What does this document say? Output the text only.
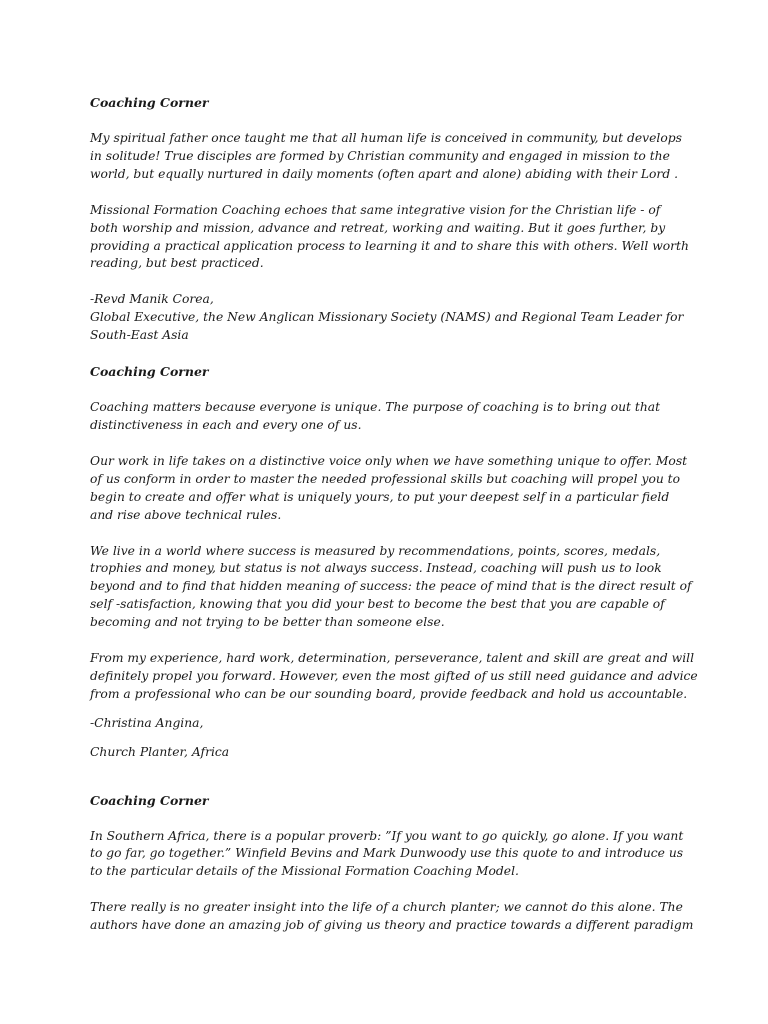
Coaching Corner
My spiritual father once taught me that all human life is conceived in community, but develops
in solitude! True disciples are formed by Christian community and engaged in mission to the
world, but equally nurtured in daily moments (often apart and alone) abiding with their Lord .
Missional Formation Coaching echoes that same integrative vision for the Christian life - of
both worship and mission, advance and retreat, working and waiting. But it goes further, by
providing a practical application process to learning it and to share this with others. Well worth
reading, but best practiced.
-Revd Manik Corea,
Global Executive, the New Anglican Missionary Society (NAMS) and Regional Team Leader for
South-East Asia
Coaching Corner
Coaching matters because everyone is unique. The purpose of coaching is to bring out that
distinctiveness in each and every one of us.
Our work in life takes on a distinctive voice only when we have something unique to offer. Most
of us conform in order to master the needed professional skills but coaching will propel you to
begin to create and offer what is uniquely yours, to put your deepest self in a particular field
and rise above technical rules.
We live in a world where success is measured by recommendations, points, scores, medals,
trophies and money, but status is not always success. Instead, coaching will push us to look
beyond and to find that hidden meaning of success: the peace of mind that is the direct result of
self -satisfaction, knowing that you did your best to become the best that you are capable of
becoming and not trying to be better than someone else.
From my experience, hard work, determination, perseverance, talent and skill are great and will
definitely propel you forward. However, even the most gifted of us still need guidance and advice
from a professional who can be our sounding board, provide feedback and hold us accountable.
-Christina Angina,
Church Planter, Africa
Coaching Corner
In Southern Africa, there is a popular proverb: ”If you want to go quickly, go alone. If you want
to go far, go together.” Winfield Bevins and Mark Dunwoody use this quote to and introduce us
to the particular details of the Missional Formation Coaching Model.
There really is no greater insight into the life of a church planter; we cannot do this alone. The
authors have done an amazing job of giving us theory and practice towards a different paradigm
